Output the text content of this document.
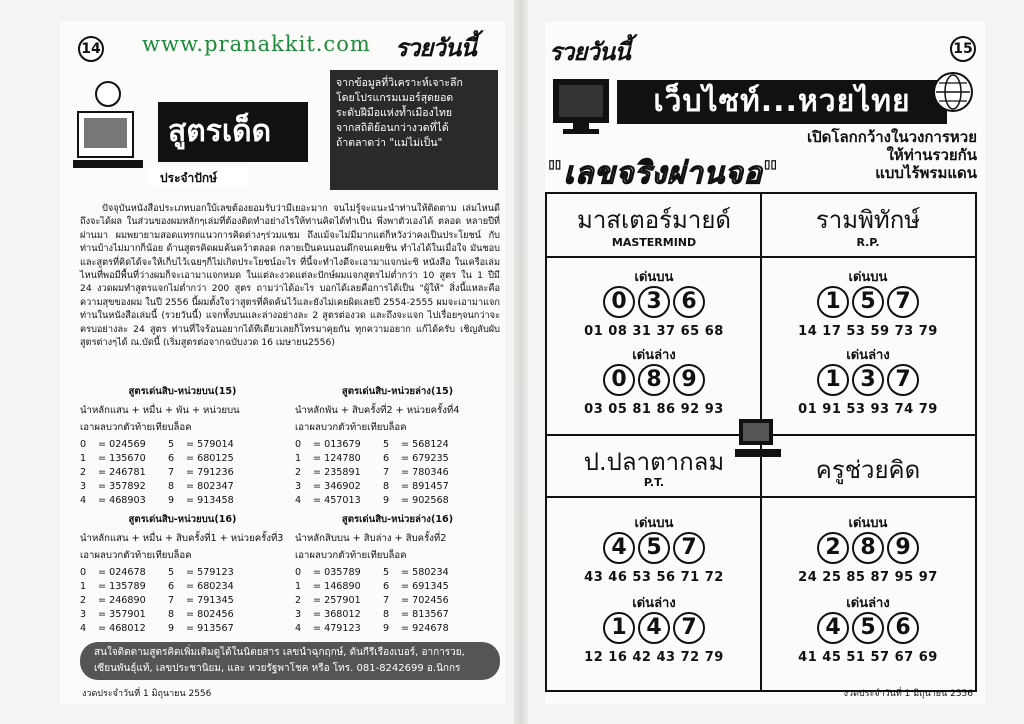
14 www.pranakkit.com รวยวันนี้
สูตรเด็ด
ประจำปักษ์
จากข้อมูลที่วิเคราะห์เจาะลึก
โดยโปรแกรมเมอร์สุดยอด
ระดับฝีมือแห่งท้ำเมืองไทย
จากสถิติย้อนกว่างวดที่ได้
ถ้าตลาดว่า "แม่ไม่เป็น"

ปัจจุบันหนังสือประเภทบอกใบ้เลขต้องยอมรับว่ามีเยอะมาก จนไม่รู้จะแนะนำท่านให้ติดตาม เล่มไหนดีถึงจะได้ผล ในส่วนของผมหลักๆเล่มที่ต้องติดทำอย่างไรให้ท่านคิดได้ทำเป็น พึ่งพาตัวเองได้ ตลอด หลายปีที่ผ่านมา ผมพยายามสอดแทรกแนวการคิดต่างๆร่วมแชม ถึงแม้จะไม่มีมากแต่ก็หวังว่าคงเป็นประโยชน์ กับท่านบ้างไม่มากก็น้อย ด้านสูตรคิดผมค้นคว้าตลอด กลายเป็นคนนอนดึกจนเคยชิน ทำไงได้ในเมื่อใจ มันชอบ และสูตรที่คิดได้จะให้เก็บไว้เฉยๆก็ไม่เกิดประโยชน์อะไร ที่นี้จะทำไงดีจะเอามาแจกน่ะซิ หนังสือ ในเครือเล่มไหนที่พอมีพื้นที่ว่างผมก็จะเอามาแจกหมด ในแต่ละงวดแต่ละปักษ์ผมแจกสูตรไม่ต่ำกว่า 10 สูตร ใน 1 ปีมี 24 งวดผมทำสูตรแจกไม่ต่ำกว่า 200 สูตร ถามว่าได้อะไร บอกได้เลยคือการได้เป็น "ผู้ให้" สิ่งนี้แหละคือความสุขของผม ในปี 2556 นี้ผมตั้งใจว่าสูตรที่คิดค้นไว้และยังไม่เคยผิดเลยปี 2554-2555 ผมจะเอามาแจกท่านในหนังสือเล่มนี้ (รวยวันนี้) แจกทั้งบนและล่างอย่างละ 2 สูตรต่องวด และถึงจะแจก ไปเรื่อยๆจนกว่าจะครบอย่างละ 24 สูตร ท่านที่ใจร้อนอยากได้ทีเดียวเลยก็โทรมาคุยกัน ทุกความอยาก แก้ได้ครับ เชิญลับผับสูตรต่างๆได้ ณ.บัดนี้ (เริ่มสูตรต่อจากฉบับงวด 16 เมษายน2556)

สูตรเด่นสิบ-หน่วยบน(15)
นำหลักแสน + หมื่น + พัน + หน่วยบน
เอาผลบวกตัวท้ายเทียบล็อค
0	= 024569	5	= 579014
1	= 135670	6	= 680125
2	= 246781	7	= 791236
3	= 357892	8	= 802347
4	= 468903	9	= 913458
สูตรเด่นสิบ-หน่วยล่าง(15)
นำหลักพัน + สิบครั้งที่2 + หน่วยครั้งที่4
เอาผลบวกตัวท้ายเทียบล็อค
0	= 013679	5	= 568124
1	= 124780	6	= 679235
2	= 235891	7	= 780346
3	= 346902	8	= 891457
4	= 457013	9	= 902568
สูตรเด่นสิบ-หน่วยบน(16)
นำหลักแสน + หมื่น + สิบครั้งที่1 + หน่วยครั้งที่3
เอาผลบวกตัวท้ายเทียบล็อค
0	= 024678	5	= 579123
1	= 135789	6	= 680234
2	= 246890	7	= 791345
3	= 357901	8	= 802456
4	= 468012	9	= 913567
สูตรเด่นสิบ-หน่วยล่าง(16)
นำหลักสิบบน + สิบล่าง + สิบครั้งที่2
เอาผลบวกตัวท้ายเทียบล็อค
0	= 035789	5	= 580234
1	= 146890	6	= 691345
2	= 257901	7	= 702456
3	= 368012	8	= 813567
4	= 479123	9	= 924678
สนใจติดตามสูตรคิดเพิ่มเติมดูได้ในนิตยสาร เลขนำฉุกฤกษ์, ดันกีรีเรืองเบอร์, อาการวย,
เซียนพันธุ์แท้, เลขประชานิยม, และ หวยรัฐพาโชค หรือ โทร. 081-8242699 อ.นิกกร
งวดประจำวันที่ 1 มิถุนายน 2556
รวยวันนี้	15
เว็บไซท์...หวยไทย
เปิดโลกกว้างในวงการหวย
ให้ท่านรวยกัน
แบบไร้พรมแดน
"เลขจริงผ่านจอ"
มาสเตอร์มายด์
MASTERMIND
เด่นบน
0 3 6
01 08 31 37 65 68
เด่นล่าง
0 8 9
03 05 81 86 92 93
รามพิทักษ์
R.P.
เด่นบน
1 5 7
14 17 53 59 73 79
เด่นล่าง
1 3 7
01 91 53 93 74 79
ป.ปลาตากลม
P.T.
เด่นบน
4 5 7
43 46 53 56 71 72
เด่นล่าง
1 4 7
12 16 42 43 72 79
ครูช่วยคิด
เด่นบน
2 8 9
24 25 85 87 95 97
เด่นล่าง
4 5 6
41 45 51 57 67 69
งวดประจำวันที่ 1 มิถุนายน 2556
